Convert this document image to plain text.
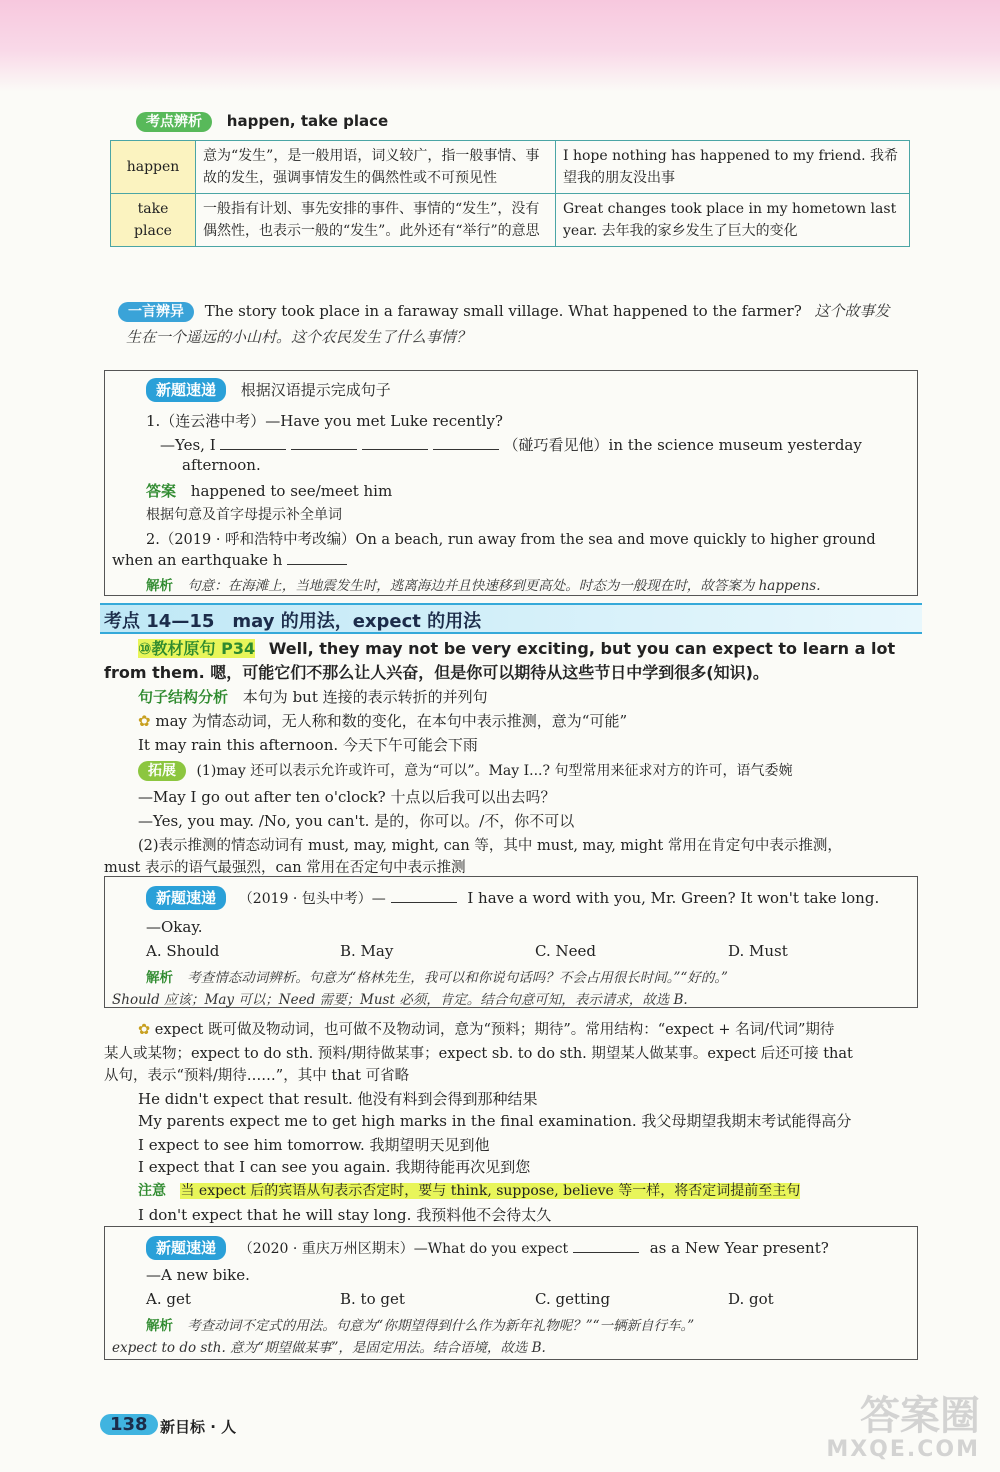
考点辨析 happen, take place
happen	意为“发生”，是一般用语，词义较广，指一般事情、事故的发生，强调事情发生的偶然性或不可预见性	I hope nothing has happened to my friend. 我希望我的朋友没出事
take place	一般指有计划、事先安排的事件、事情的“发生”，没有偶然性，也表示一般的“发生”。此外还有“举行”的意思	Great changes took place in my hometown last year. 去年我的家乡发生了巨大的变化
一言辨异 The story took place in a faraway small village. What happened to the farmer? 这个故事发
生在一个遥远的小山村。这个农民发生了什么事情？
新题速递 根据汉语提示完成句子
1.（连云港中考）—Have you met Luke recently?
—Yes, I	（碰巧看见他）in the science museum yesterday
afternoon.
答案 happened to see/meet him
根据句意及首字母提示补全单词
2.（2019 · 呼和浩特中考改编）On a beach, run away from the sea and move quickly to higher ground
when an earthquake h
解析 句意：在海滩上，当地震发生时，逃离海边并且快速移到更高处。时态为一般现在时，故答案为 happens.
考点 14—15　may 的用法，expect 的用法
⑩教材原句 P34 Well, they may not be very exciting, but you can expect to learn a lot
from them. 嗯，可能它们不那么让人兴奋，但是你可以期待从这些节日中学到很多(知识)。
句子结构分析 本句为 but 连接的表示转折的并列句
✿ may 为情态动词，无人称和数的变化，在本句中表示推测，意为“可能”
It may rain this afternoon. 今天下午可能会下雨
拓展 (1)may 还可以表示允许或许可，意为“可以”。May I...? 句型常用来征求对方的许可，语气委婉
—May I go out after ten o'clock? 十点以后我可以出去吗？
—Yes, you may. /No, you can't. 是的，你可以。/不，你不可以
(2)表示推测的情态动词有 must, may, might, can 等，其中 must, may, might 常用在肯定句中表示推测，
must 表示的语气最强烈，can 常用在否定句中表示推测
新题速递 （2019 · 包头中考）—	I have a word with you, Mr. Green? It won't take long.
—Okay.
A. Should	B. May	C. Need	D. Must
解析 考查情态动词辨析。句意为“格林先生，我可以和你说句话吗？不会占用很长时间。”“好的。”
Should 应该；May 可以；Need 需要；Must 必须，肯定。结合句意可知，表示请求，故选 B.
✿ expect 既可做及物动词，也可做不及物动词，意为“预料；期待”。常用结构：“expect + 名词/代词”期待
某人或某物；expect to do sth. 预料/期待做某事；expect sb. to do sth. 期望某人做某事。expect 后还可接 that
从句，表示“预料/期待……”，其中 that 可省略
He didn't expect that result. 他没有料到会得到那种结果
My parents expect me to get high marks in the final examination. 我父母期望我期末考试能得高分
I expect to see him tomorrow. 我期望明天见到他
I expect that I can see you again. 我期待能再次见到您
注意 当 expect 后的宾语从句表示否定时，要与 think, suppose, believe 等一样，将否定词提前至主句
I don't expect that he will stay long. 我预料他不会待太久
新题速递 （2020 · 重庆万州区期末）—What do you expect	as a New Year present?
—A new bike.
A. get	B. to get	C. getting	D. got
解析 考查动词不定式的用法。句意为“你期望得到什么作为新年礼物呢？”“一辆新自行车。”
expect to do sth. 意为“期望做某事”，是固定用法。结合语境，故选 B.
138 新目标 · 人	答案圈
MXQE.COM
